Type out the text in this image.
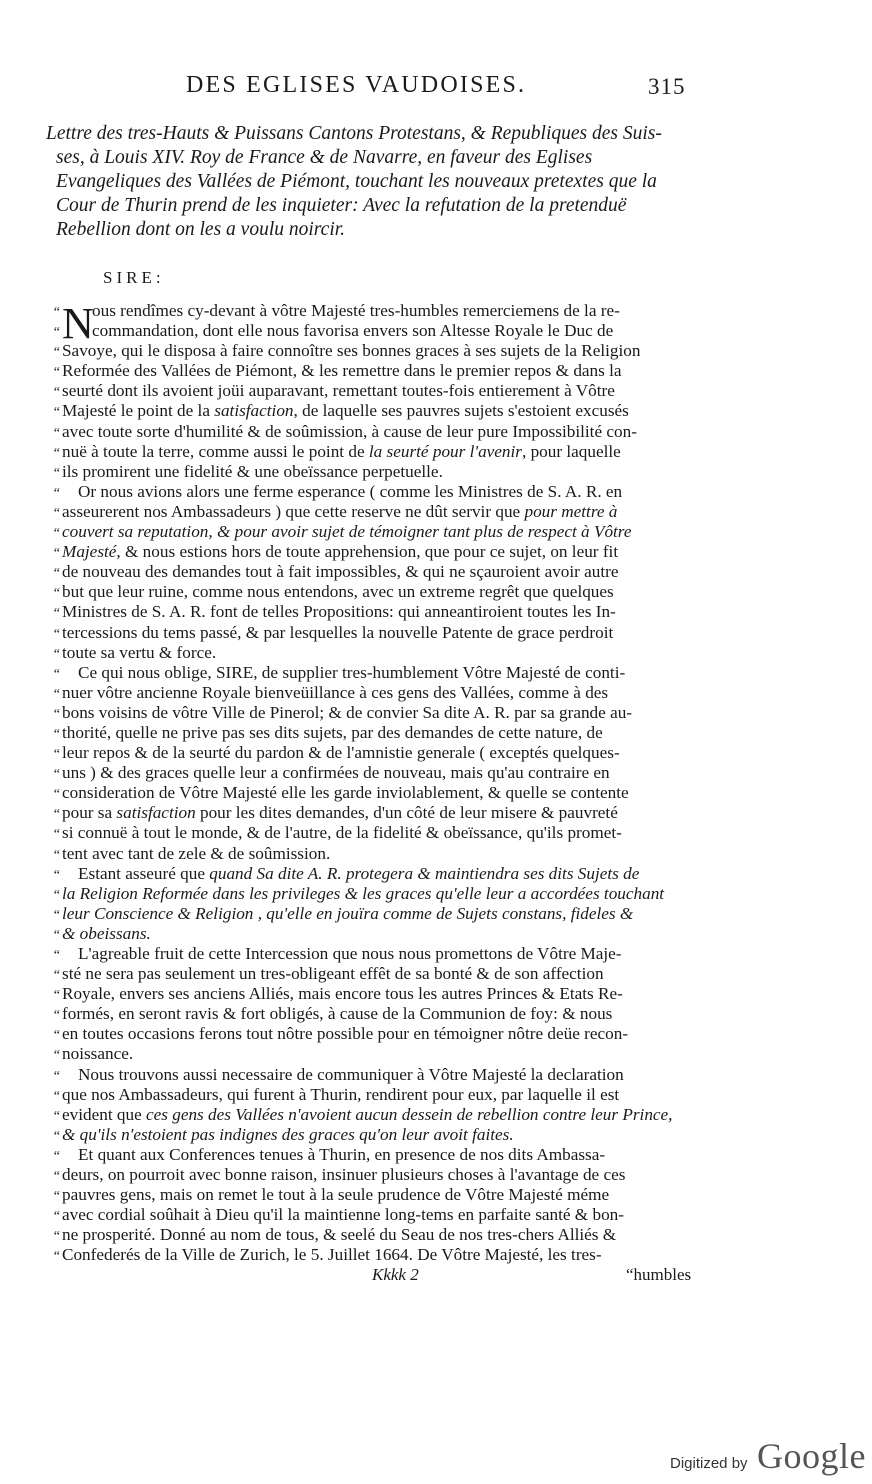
DES EGLISES VAUDOISES.	315
Lettre des tres-Hauts & Puissans Cantons Protestans, & Republiques des Suis-
ses, à Louis XIV. Roy de France & de Navarre, en faveur des Eglises
Evangeliques des Vallées de Piémont, touchant les nouveaux pretextes que la
Cour de Thurin prend de les inquieter: Avec la refutation de la pretenduë
Rebellion dont on les a voulu noircir.
SIRE:
N
“ ous rendîmes cy-devant à vôtre Majesté tres-humbles remerciemens de la re-
“ commandation, dont elle nous favorisa envers son Altesse Royale le Duc de
“ Savoye, qui le disposa à faire connoître ses bonnes graces à ses sujets de la Religion
“ Reformée des Vallées de Piémont, & les remettre dans le premier repos & dans la
“ seurté dont ils avoient joüi auparavant, remettant toutes-fois entierement à Vôtre
“ Majesté le point de la satisfaction, de laquelle ses pauvres sujets s'estoient excusés
“ avec toute sorte d'humilité & de soûmission, à cause de leur pure Impossibilité con-
“ nuë à toute la terre, comme aussi le point de la seurté pour l'avenir, pour laquelle
“ ils promirent une fidelité & une obeïssance perpetuelle.
“ Or nous avions alors une ferme esperance ( comme les Ministres de S. A. R. en
“ asseurerent nos Ambassadeurs ) que cette reserve ne dût servir que pour mettre à
“ couvert sa reputation, & pour avoir sujet de témoigner tant plus de respect à Vôtre
“ Majesté, & nous estions hors de toute apprehension, que pour ce sujet, on leur fit
“ de nouveau des demandes tout à fait impossibles, & qui ne sçauroient avoir autre
“ but que leur ruine, comme nous entendons, avec un extreme regrêt que quelques
“ Ministres de S. A. R. font de telles Propositions: qui anneantiroient toutes les In-
“ tercessions du tems passé, & par lesquelles la nouvelle Patente de grace perdroit
“ toute sa vertu & force.
“ Ce qui nous oblige, SIRE, de supplier tres-humblement Vôtre Majesté de conti-
“ nuer vôtre ancienne Royale bienveüillance à ces gens des Vallées, comme à des
“ bons voisins de vôtre Ville de Pinerol; & de convier Sa dite A. R. par sa grande au-
“ thorité, quelle ne prive pas ses dits sujets, par des demandes de cette nature, de
“ leur repos & de la seurté du pardon & de l'amnistie generale ( exceptés quelques-
“ uns ) & des graces quelle leur a confirmées de nouveau, mais qu'au contraire en
“ consideration de Vôtre Majesté elle les garde inviolablement, & quelle se contente
“ pour sa satisfaction pour les dites demandes, d'un côté de leur misere & pauvreté
“ si connuë à tout le monde, & de l'autre, de la fidelité & obeïssance, qu'ils promet-
“ tent avec tant de zele & de soûmission.
“ Estant asseuré que quand Sa dite A. R. protegera & maintiendra ses dits Sujets de
“ la Religion Reformée dans les privileges & les graces qu'elle leur a accordées touchant
“ leur Conscience & Religion , qu'elle en jouïra comme de Sujets constans, fideles &
“ & obeissans.
“ L'agreable fruit de cette Intercession que nous nous promettons de Vôtre Maje-
“ sté ne sera pas seulement un tres-obligeant effêt de sa bonté & de son affection
“ Royale, envers ses anciens Alliés, mais encore tous les autres Princes & Etats Re-
“ formés, en seront ravis & fort obligés, à cause de la Communion de foy: & nous
“ en toutes occasions ferons tout nôtre possible pour en témoigner nôtre deüe recon-
“ noissance.
“ Nous trouvons aussi necessaire de communiquer à Vôtre Majesté la declaration
“ que nos Ambassadeurs, qui furent à Thurin, rendirent pour eux, par laquelle il est
“ evident que ces gens des Vallées n'avoient aucun dessein de rebellion contre leur Prince,
“ & qu'ils n'estoient pas indignes des graces qu'on leur avoit faites.
“ Et quant aux Conferences tenues à Thurin, en presence de nos dits Ambassa-
“ deurs, on pourroit avec bonne raison, insinuer plusieurs choses à l'avantage de ces
“ pauvres gens, mais on remet le tout à la seule prudence de Vôtre Majesté méme
“ avec cordial soûhait à Dieu qu'il la maintienne long-tems en parfaite santé & bon-
“ ne prosperité. Donné au nom de tous, & seelé du Seau de nos tres-chers Alliés &
“ Confederés de la Ville de Zurich, le 5. Juillet 1664. De Vôtre Majesté, les tres-
Kkkk 2	“humbles
Digitized by Google
